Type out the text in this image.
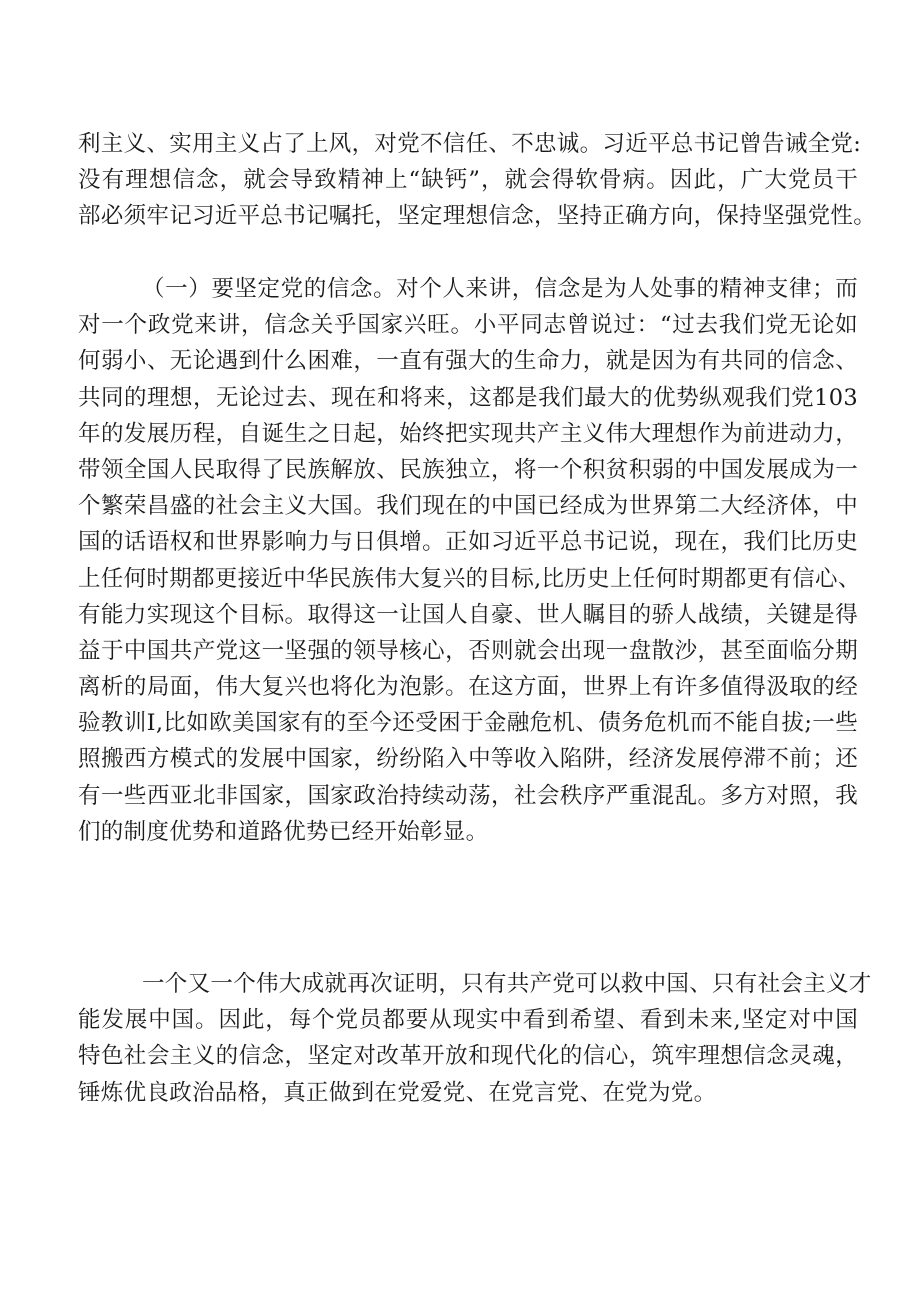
利主义、实用主义占了上风，对党不信任、不忠诚。习近平总书记曾告诫全党:
没有理想信念，就会导致精神上“缺钙”，就会得软骨病。因此，广大党员干
部必须牢记习近平总书记嘱托，坚定理想信念，坚持正确方向，保持坚强党性。
（一）要坚定党的信念。对个人来讲，信念是为人处事的精神支律；而
对一个政党来讲，信念关乎国家兴旺。小平同志曾说过：“过去我们党无论如
何弱小、无论遇到什么困难，一直有强大的生命力，就是因为有共同的信念、
共同的理想，无论过去、现在和将来，这都是我们最大的优势纵观我们党103
年的发展历程，自诞生之日起，始终把实现共产主义伟大理想作为前进动力，
带领全国人民取得了民族解放、民族独立，将一个积贫积弱的中国发展成为一
个繁荣昌盛的社会主义大国。我们现在的中国已经成为世界第二大经济体，中
国的话语权和世界影响力与日俱增。正如习近平总书记说，现在，我们比历史
上任何时期都更接近中华民族伟大复兴的目标,比历史上任何时期都更有信心、
有能力实现这个目标。取得这一让国人自豪、世人瞩目的骄人战绩，关键是得
益于中国共产党这一坚强的领导核心，否则就会出现一盘散沙，甚至面临分期
离析的局面，伟大复兴也将化为泡影。在这方面，世界上有许多值得汲取的经
验教训I,比如欧美国家有的至今还受困于金融危机、债务危机而不能自拔;一些
照搬西方模式的发展中国家，纷纷陷入中等收入陷阱，经济发展停滞不前；还
有一些西亚北非国家，国家政治持续动荡，社会秩序严重混乱。多方对照，我
们的制度优势和道路优势已经开始彰显。
一个又一个伟大成就再次证明，只有共产党可以救中国、只有社会主义才
能发展中国。因此，每个党员都要从现实中看到希望、看到未来,坚定对中国
特色社会主义的信念，坚定对改革开放和现代化的信心，筑牢理想信念灵魂，
锤炼优良政治品格，真正做到在党爱党、在党言党、在党为党。
